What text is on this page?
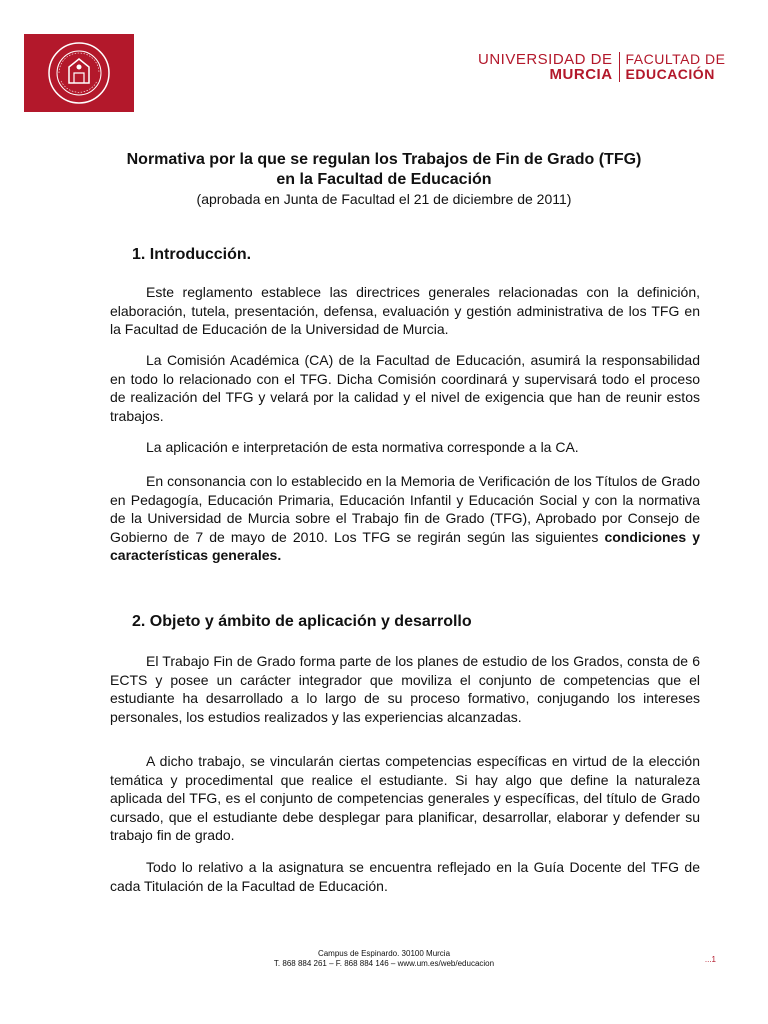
UNIVERSIDAD DE
MURCIA
FACULTAD DE
EDUCACIÓN
Normativa por la que se regulan los Trabajos de Fin de Grado (TFG)
en la Facultad de Educación
(aprobada en Junta de Facultad el 21 de diciembre de 2011)
1. Introducción.

Este reglamento establece las directrices generales relacionadas con la definición, elaboración, tutela, presentación, defensa, evaluación y gestión administrativa de los TFG en la Facultad de Educación de la Universidad de Murcia.

La Comisión Académica (CA) de la Facultad de Educación, asumirá la responsabilidad en todo lo relacionado con el TFG. Dicha Comisión coordinará y supervisará todo el proceso de realización del TFG y velará por la calidad y el nivel de exigencia que han de reunir estos trabajos.

La aplicación e interpretación de esta normativa corresponde a la CA.

En consonancia con lo establecido en la Memoria de Verificación de los Títulos de Grado en Pedagogía, Educación Primaria, Educación Infantil y Educación Social y con la normativa de la Universidad de Murcia sobre el Trabajo fin de Grado (TFG), Aprobado por Consejo de Gobierno de 7 de mayo de 2010. Los TFG se regirán según las siguientes condiciones y características generales.

2. Objeto y ámbito de aplicación y desarrollo

El Trabajo Fin de Grado forma parte de los planes de estudio de los Grados, consta de 6 ECTS y posee un carácter integrador que moviliza el conjunto de competencias que el estudiante ha desarrollado a lo largo de su proceso formativo, conjugando los intereses personales, los estudios realizados y las experiencias alcanzadas.

A dicho trabajo, se vincularán ciertas competencias específicas en virtud de la elección temática y procedimental que realice el estudiante. Si hay algo que define la naturaleza aplicada del TFG, es el conjunto de competencias generales y específicas, del título de Grado cursado, que el estudiante debe desplegar para planificar, desarrollar, elaborar y defender su trabajo fin de grado.

Todo lo relativo a la asignatura se encuentra reflejado en la Guía Docente del TFG de cada Titulación de la Facultad de Educación.

Campus de Espinardo. 30100 Murcia
T. 868 884 261 – F. 868 884 146 – www.um.es/web/educacion	...1
